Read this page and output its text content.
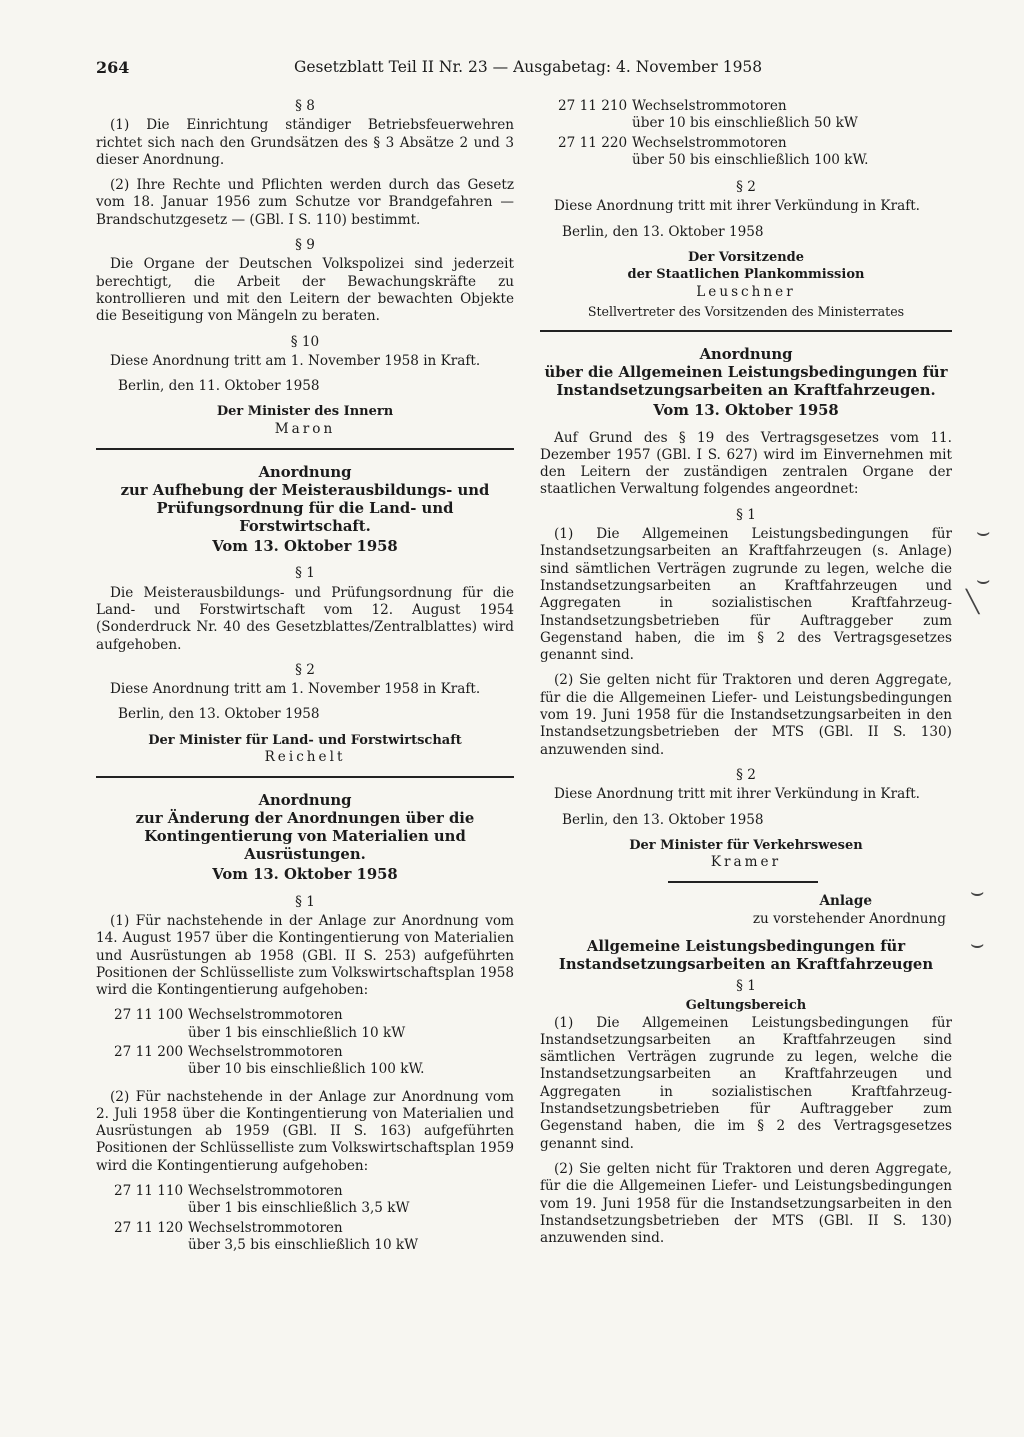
264	Gesetzblatt Teil II Nr. 23 — Ausgabetag: 4. November 1958

§ 8

(1) Die Einrichtung ständiger Betriebsfeuerwehren richtet sich nach den Grundsätzen des § 3 Absätze 2 und 3 dieser Anordnung.

(2) Ihre Rechte und Pflichten werden durch das Gesetz vom 18. Januar 1956 zum Schutze vor Brandgefahren — Brandschutzgesetz — (GBl. I S. 110) bestimmt.

§ 9

Die Organe der Deutschen Volkspolizei sind jederzeit berechtigt, die Arbeit der Bewachungskräfte zu kontrollieren und mit den Leitern der bewachten Objekte die Beseitigung von Mängeln zu beraten.

§ 10

Diese Anordnung tritt am 1. November 1958 in Kraft.

Berlin, den 11. Oktober 1958

Der Minister des Innern

Maron

Anordnung

zur Aufhebung der Meisterausbildungs- und Prüfungsordnung für die Land- und Forstwirtschaft.

Vom 13. Oktober 1958

§ 1

Die Meisterausbildungs- und Prüfungsordnung für die Land- und Forstwirtschaft vom 12. August 1954 (Sonderdruck Nr. 40 des Gesetzblattes/Zentralblattes) wird aufgehoben.

§ 2

Diese Anordnung tritt am 1. November 1958 in Kraft.

Berlin, den 13. Oktober 1958

Der Minister für Land- und Forstwirtschaft

Reichelt

Anordnung

zur Änderung der Anordnungen über die Kontingentierung von Materialien und Ausrüstungen.

Vom 13. Oktober 1958

§ 1

(1) Für nachstehende in der Anlage zur Anordnung vom 14. August 1957 über die Kontingentierung von Materialien und Ausrüstungen ab 1958 (GBl. II S. 253) aufgeführten Positionen der Schlüsselliste zum Volkswirtschaftsplan 1958 wird die Kontingentierung aufgehoben:

27 11 100 Wechselstrommotoren
über 1 bis einschließlich 10 kW
27 11 200 Wechselstrommotoren
über 10 bis einschließlich 100 kW.

(2) Für nachstehende in der Anlage zur Anordnung vom 2. Juli 1958 über die Kontingentierung von Materialien und Ausrüstungen ab 1959 (GBl. II S. 163) aufgeführten Positionen der Schlüsselliste zum Volkswirtschaftsplan 1959 wird die Kontingentierung aufgehoben:

27 11 110 Wechselstrommotoren
über 1 bis einschließlich 3,5 kW
27 11 120 Wechselstrommotoren
über 3,5 bis einschließlich 10 kW
27 11 210 Wechselstrommotoren
über 10 bis einschließlich 50 kW
27 11 220 Wechselstrommotoren
über 50 bis einschließlich 100 kW.

§ 2

Diese Anordnung tritt mit ihrer Verkündung in Kraft.

Berlin, den 13. Oktober 1958

Der Vorsitzende

der Staatlichen Plankommission

Leuschner

Stellvertreter des Vorsitzenden des Ministerrates

Anordnung

über die Allgemeinen Leistungsbedingungen für Instandsetzungsarbeiten an Kraftfahrzeugen.

Vom 13. Oktober 1958

Auf Grund des § 19 des Vertragsgesetzes vom 11. Dezember 1957 (GBl. I S. 627) wird im Einvernehmen mit den Leitern der zuständigen zentralen Organe der staatlichen Verwaltung folgendes angeordnet:

§ 1

(1) Die Allgemeinen Leistungsbedingungen für Instandsetzungsarbeiten an Kraftfahrzeugen (s. Anlage) sind sämtlichen Verträgen zugrunde zu legen, welche die Instandsetzungsarbeiten an Kraftfahrzeugen und Aggregaten in sozialistischen Kraftfahrzeug-Instandsetzungsbetrieben für Auftraggeber zum Gegenstand haben, die im § 2 des Vertragsgesetzes genannt sind.

(2) Sie gelten nicht für Traktoren und deren Aggregate, für die die Allgemeinen Liefer- und Leistungsbedingungen vom 19. Juni 1958 für die Instandsetzungsarbeiten in den Instandsetzungsbetrieben der MTS (GBl. II S. 130) anzuwenden sind.

§ 2

Diese Anordnung tritt mit ihrer Verkündung in Kraft.

Berlin, den 13. Oktober 1958

Der Minister für Verkehrswesen

Kramer

Anlage

zu vorstehender Anordnung

Allgemeine Leistungsbedingungen für Instandsetzungsarbeiten an Kraftfahrzeugen

§ 1

Geltungsbereich

(1) Die Allgemeinen Leistungsbedingungen für Instandsetzungsarbeiten an Kraftfahrzeugen sind sämtlichen Verträgen zugrunde zu legen, welche die Instandsetzungsarbeiten an Kraftfahrzeugen und Aggregaten in sozialistischen Kraftfahrzeug-Instandsetzungsbetrieben für Auftraggeber zum Gegenstand haben, die im § 2 des Vertragsgesetzes genannt sind.

(2) Sie gelten nicht für Traktoren und deren Aggregate, für die die Allgemeinen Liefer- und Leistungsbedingungen vom 19. Juni 1958 für die Instandsetzungsarbeiten in den Instandsetzungsbetrieben der MTS (GBl. II S. 130) anzuwenden sind.

⌣
⌣
╲
⌣
⌣
